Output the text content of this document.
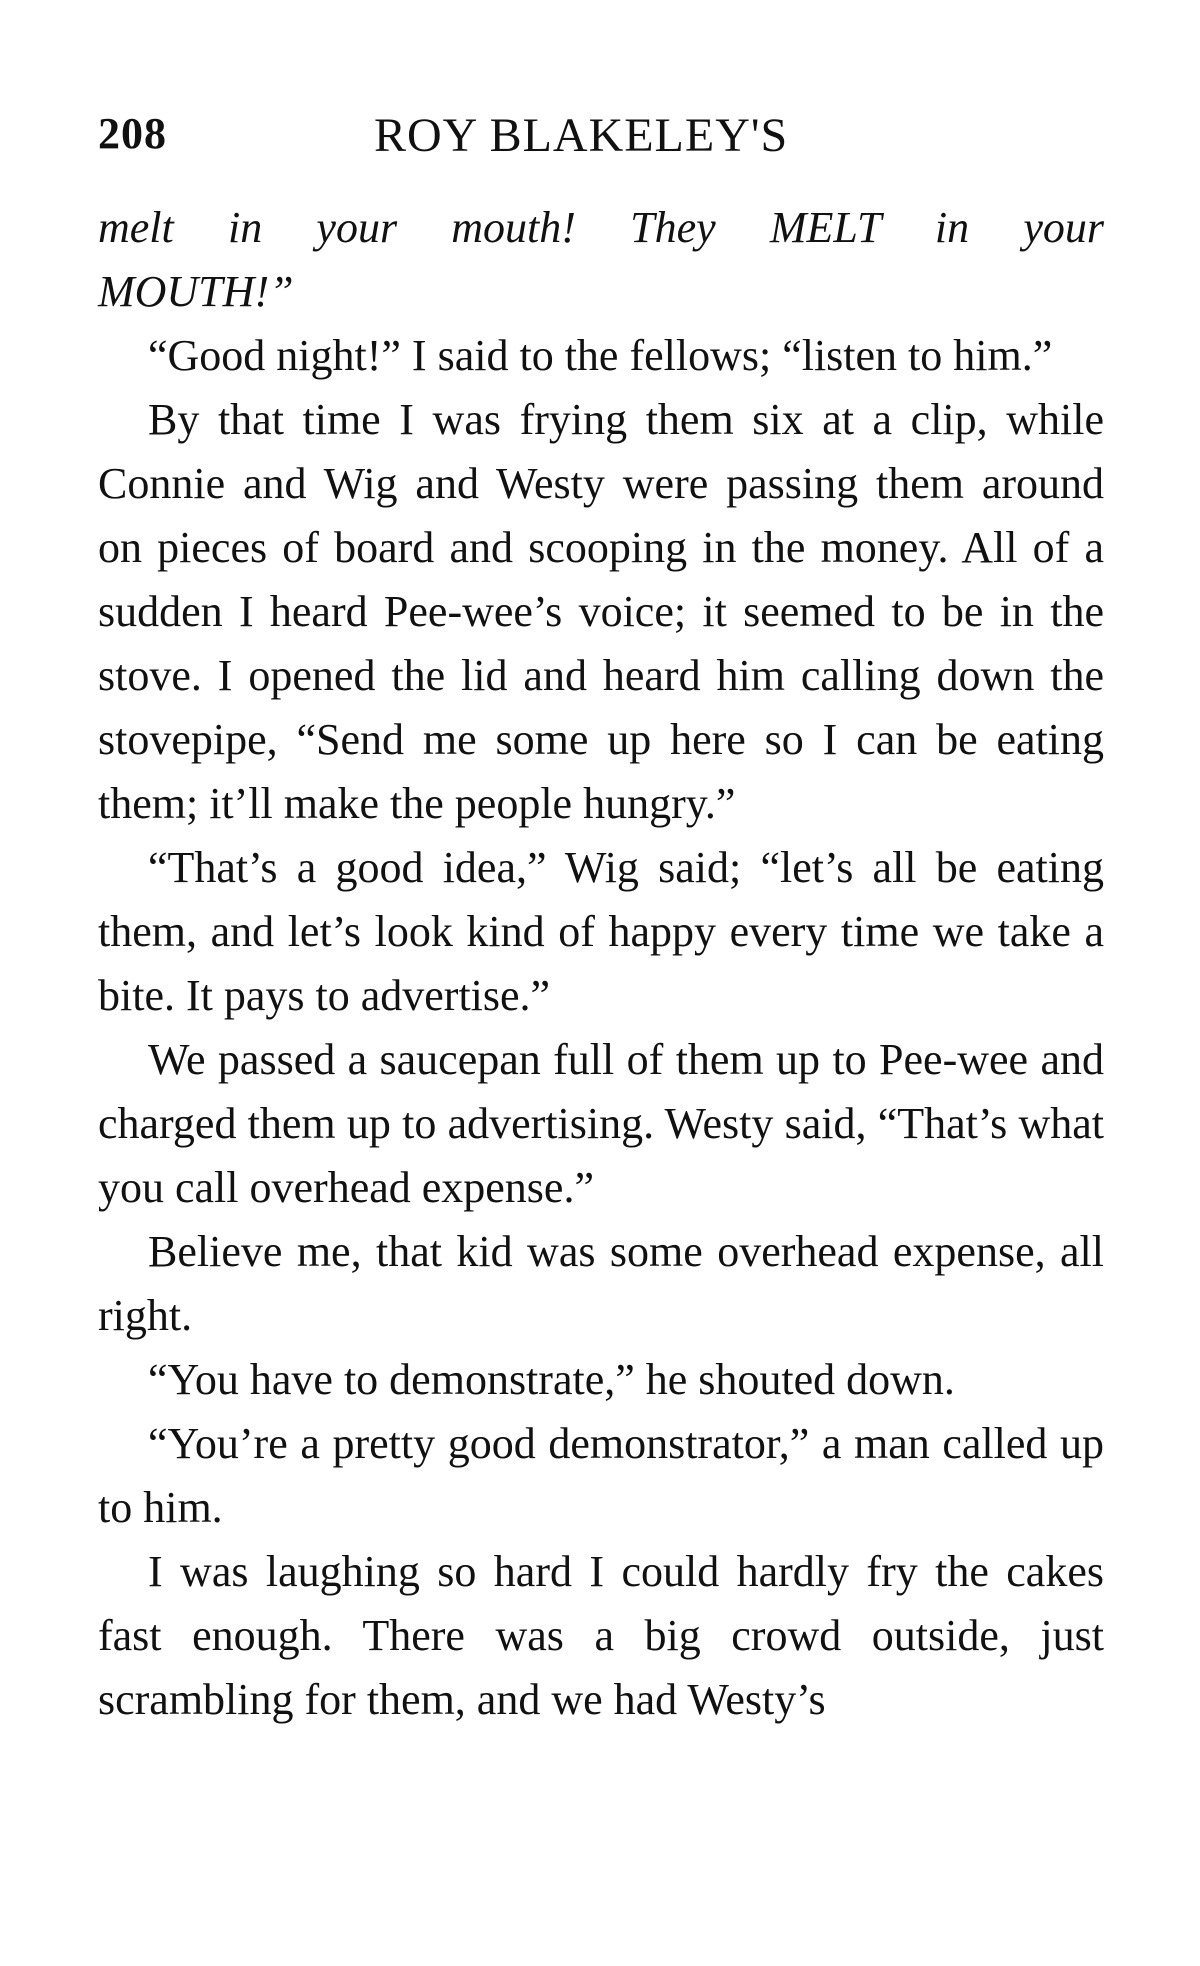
208	ROY BLAKELEY'S

melt in your mouth! They MELT in your MOUTH!”

“Good night!” I said to the fellows; “listen to him.”

By that time I was frying them six at a clip, while Connie and Wig and Westy were passing them around on pieces of board and scooping in the money. All of a sudden I heard Pee-wee’s voice; it seemed to be in the stove. I opened the lid and heard him calling down the stovepipe, “Send me some up here so I can be eating them; it’ll make the people hungry.”

“That’s a good idea,” Wig said; “let’s all be eating them, and let’s look kind of happy every time we take a bite. It pays to advertise.”

We passed a saucepan full of them up to Pee-wee and charged them up to advertising. Westy said, “That’s what you call overhead expense.”

Believe me, that kid was some overhead expense, all right.

“You have to demonstrate,” he shouted down.

“You’re a pretty good demonstrator,” a man called up to him.

I was laughing so hard I could hardly fry the cakes fast enough. There was a big crowd outside, just scrambling for them, and we had Westy’s
